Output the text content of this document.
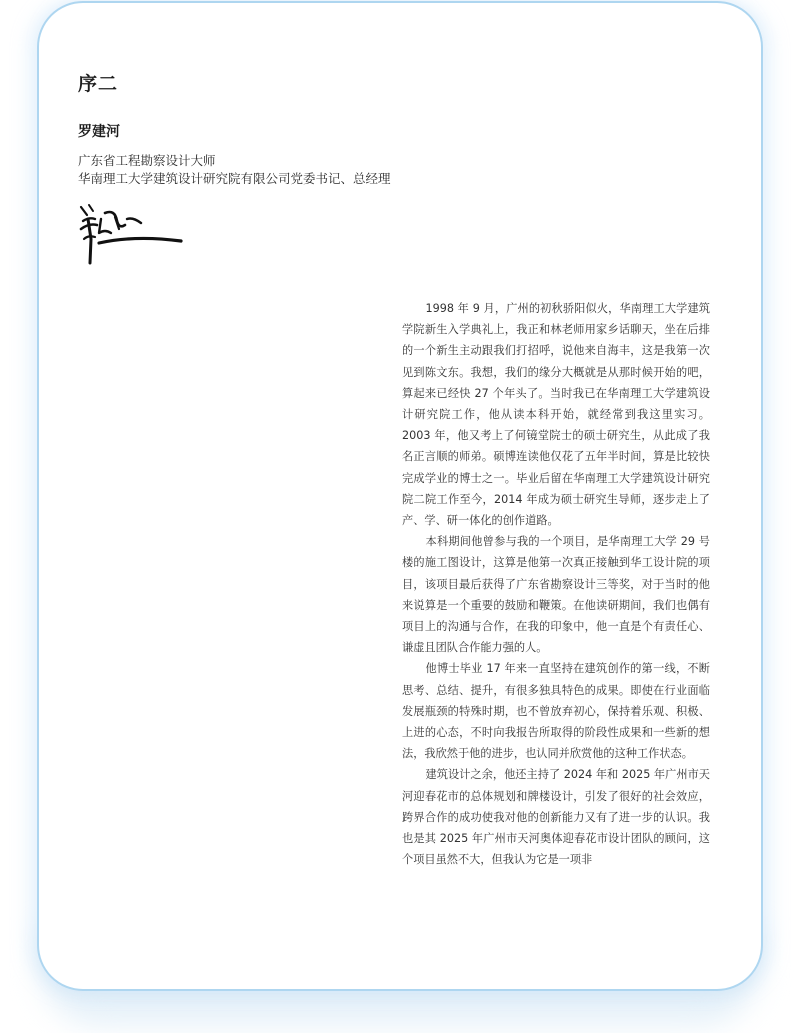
序二
罗建河
广东省工程勘察设计大师
华南理工大学建筑设计研究院有限公司党委书记、总经理

1998 年 9 月，广州的初秋骄阳似火，华南理工大学建筑学院新生入学典礼上，我正和林老师用家乡话聊天，坐在后排的一个新生主动跟我们打招呼，说他来自海丰，这是我第一次见到陈文东。我想，我们的缘分大概就是从那时候开始的吧，算起来已经快 27 个年头了。当时我已在华南理工大学建筑设计研究院工作，他从读本科开始，就经常到我这里实习。2003 年，他又考上了何镜堂院士的硕士研究生，从此成了我名正言顺的师弟。硕博连读他仅花了五年半时间，算是比较快完成学业的博士之一。毕业后留在华南理工大学建筑设计研究院二院工作至今，2014 年成为硕士研究生导师，逐步走上了产、学、研一体化的创作道路。

本科期间他曾参与我的一个项目，是华南理工大学 29 号楼的施工图设计，这算是他第一次真正接触到华工设计院的项目，该项目最后获得了广东省勘察设计三等奖，对于当时的他来说算是一个重要的鼓励和鞭策。在他读研期间，我们也偶有项目上的沟通与合作，在我的印象中，他一直是个有责任心、谦虚且团队合作能力强的人。

他博士毕业 17 年来一直坚持在建筑创作的第一线，不断思考、总结、提升，有很多独具特色的成果。即使在行业面临发展瓶颈的特殊时期，也不曾放弃初心，保持着乐观、积极、上进的心态，不时向我报告所取得的阶段性成果和一些新的想法，我欣然于他的进步，也认同并欣赏他的这种工作状态。

建筑设计之余，他还主持了 2024 年和 2025 年广州市天河迎春花市的总体规划和牌楼设计，引发了很好的社会效应，跨界合作的成功使我对他的创新能力又有了进一步的认识。我也是其 2025 年广州市天河奥体迎春花市设计团队的顾问，这个项目虽然不大，但我认为它是一项非
